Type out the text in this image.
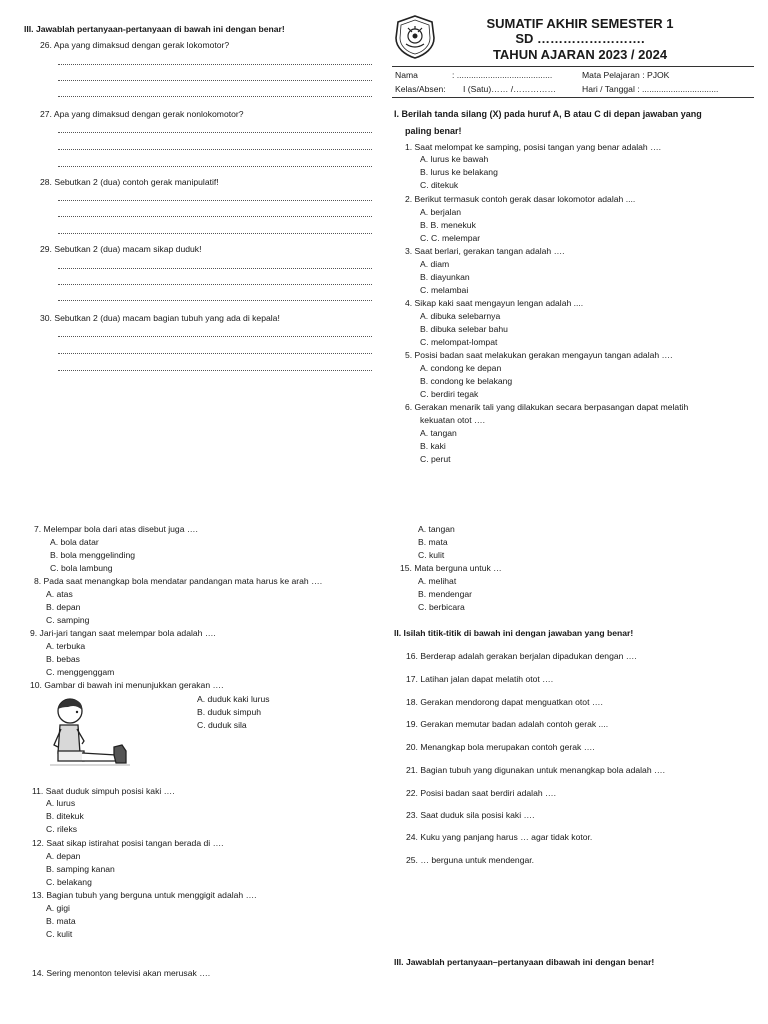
SUMATIF AKHIR SEMESTER 1
SD …………………….
TAHUN AJARAN 2023 / 2024
Nama	: ........................................	Mata Pelajaran : PJOK
Kelas/Absen: I (Satu)…… /……………	Hari / Tanggal : ................................
III. Jawablah pertanyaan-pertanyaan di bawah ini dengan benar!
26. Apa yang dimaksud dengan gerak lokomotor?
27. Apa yang dimaksud dengan gerak nonlokomotor?
28. Sebutkan 2 (dua) contoh gerak manipulatif!
29. Sebutkan 2 (dua) macam sikap duduk!
30. Sebutkan 2 (dua) macam bagian tubuh yang ada di kepala!
I. Berilah tanda silang (X) pada huruf A, B atau C di depan jawaban yang
paling benar!
1. Saat melompat ke samping, posisi tangan yang benar adalah ….
A. lurus ke bawah
B. lurus ke belakang
C. ditekuk
2. Berikut termasuk contoh gerak dasar lokomotor adalah ....
A. berjalan
B. B. menekuk
C. C. melempar
3. Saat berlari, gerakan tangan adalah ….
A. diam
B. diayunkan
C. melambai
4. Sikap kaki saat mengayun lengan adalah ....
A. dibuka selebarnya
B. dibuka selebar bahu
C. melompat-lompat
5. Posisi badan saat melakukan gerakan mengayun tangan adalah ….
A. condong ke depan
B. condong ke belakang
C. berdiri tegak
6. Gerakan menarik tali yang dilakukan secara berpasangan dapat melatih
kekuatan otot ….
A. tangan
B. kaki
C. perut
7. Melempar bola dari atas disebut juga ….
A. bola datar
B. bola menggelinding
C. bola lambung
8. Pada saat menangkap bola mendatar pandangan mata harus ke arah ….
A. atas
B. depan
C. samping
9. Jari-jari tangan saat melempar bola adalah ….
A. terbuka
B. bebas
C. menggenggam
10. Gambar di bawah ini menunjukkan gerakan ….
A. duduk kaki lurus
B. duduk simpuh
C. duduk sila
11. Saat duduk simpuh posisi kaki ….
A. lurus
B. ditekuk
C. rileks
12. Saat sikap istirahat posisi tangan berada di ….
A. depan
B. samping kanan
C. belakang
13. Bagian tubuh yang berguna untuk menggigit adalah ….
A. gigi
B. mata
C. kulit
14. Sering menonton televisi akan merusak ….
A. tangan
B. mata
C. kulit
15. Mata berguna untuk …
A. melihat
B. mendengar
C. berbicara
II. Isilah titik-titik di bawah ini dengan jawaban yang benar!
16. Berderap adalah gerakan berjalan dipadukan dengan ….
17. Latihan jalan dapat melatih otot ….
18. Gerakan mendorong dapat menguatkan otot ….
19. Gerakan memutar badan adalah contoh gerak ....
20. Menangkap bola merupakan contoh gerak ….
21. Bagian tubuh yang digunakan untuk menangkap bola adalah ….
22. Posisi badan saat berdiri adalah ….
23. Saat duduk sila posisi kaki ….
24. Kuku yang panjang harus … agar tidak kotor.
25. … berguna untuk mendengar.
III. Jawablah pertanyaan–pertanyaan dibawah ini dengan benar!
